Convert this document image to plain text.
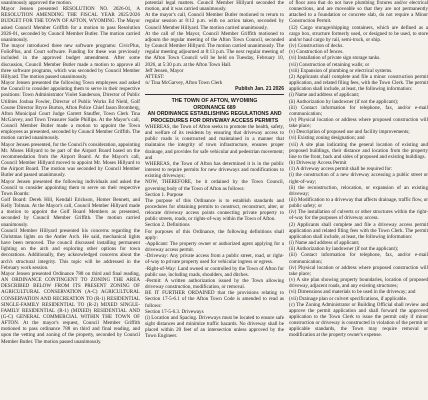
unanimously approved the motion.

Mayor Jensen presented RESOLUTION NO. 2026-01, A RESOLUTION AMENDING THE FISCAL YEAR 2025/2026 BUDGET FOR THE TOWN OF AFTON, WYOMING. The Mayor asked Council Member Griffith for a motion to pass Resolution 2026-01, seconded by Council Member Butler. The motion carried unanimously.

The mayor introduced three new software programs: CivicPlus, FolioPlus, and Court software. Funding for these was previously included in the approved budget amendment. After some discussion, Council Member Butler made a motion to approve all three software programs, which was seconded by Council Member Hillyard. The motion passed unanimously.

Mayor Jensen presented the following Town employees and asked the Council to consider appointing them to serve in their respective positions: Town Administrator Violet Sanderson, Director of Public Utilities Joshua Fowler, Director of Public Works Ed Nield, Golf Course Director Bryce Burton, Afton Police Chief Jason Bromberg, Afton Municipal Court Judge Garrett Stauffer, Town Clerk Tina McGarvey, and Town Treasurer Sadie Phillips. At the Mayor's call, Council Member Butler made a motion to appoint the Town employees as presented, seconded by Council Member Griffith. The motion carried unanimously.

Mayor Jensen presented, for the Council's consideration, appointing Mr. Moses Hillyard to be part of the Airport Board based on the recommendation from the Airport Board. At the Mayor's call, Council Member Hillyard moved to appoint Mr. Moses Hillyard to the Airport Board. The motion was seconded by Council Member Butler and passed unanimously.

Mayor Jensen presented the following individuals and asked the Council to consider appointing them to serve on their respective Town Boards:

Golf Board: Derek Hill, Kendall Erickson, Homer Bennett, and Kelly Tolman. At the Mayor's call, Council Member Hillyard made a motion to appoint the Golf Board Members as presented, seconded by Council Member Griffith. The motion carried unanimously.

Council Member Hillyard presented his concerns regarding the Christmas lights on the Antler Arch. He said, mechanical lights have been removed. The council discussed installing permanent lighting on the arch and exploring other options for town decorations. Additionally, they acknowledged concerns about the arch's structural integrity. This topic will be addressed in the February work session.

Mayor Jensen presented Ordinance 788 on third and final reading, AN ORDINANCE CONTINGENT TO ZONING THE AREA DESCRIBED BELOW FROM ITS PRESENT ZONING OF AGRICULTURAL CONSERVATION (A-C) AGRICULTURAL CONSERVATION AND RECREATION TO (R-1) RESIDENTIAL SINGLE-FAMILY RESIDENTIAL TO (R-2) MIXED SINGLE-FAMILY RESIDENTIAL (R-1) (MIXED) RESIDENTIAL AND (G-C) GENERAL COMMERCIAL WITHIN THE TOWN OF AFTON. At the mayor's request, Council Member Griffith motioned to pass ordinance 788 on third and final reading, and upon the vetting and zoning of the property, seconded by Council Member Butler. The motion passed unanimously.

potential legal matters. Council Member Hillyard seconded the motion, and it was carried unanimously.

At the mayor's call, Council Member Butler motioned to return to regular session at 8:12 p.m. with no action taken, seconded by Council Member Hillyard. The motion carried unanimously.

At the call of the Mayor, Council Member Griffith motioned to adjourn the regular meeting of the Afton Town Council, seconded by Council Member Hillyard. The motion carried unanimously. The regular meeting adjourned at 8:13 p.m. The next regular meeting of the Afton Town Council will be held on Tuesday, February 10, 2026, at 5:30 p.m. at the Afton Town Hall.

Jeff Jensen, Mayor

ATTEST:

/s/ Tina McGarvey, Afton Town Clerk

Publish Jan. 21 2026

THE TOWN OF AFTON, WYOMING

ORDINANCE 689

AN ORDINANCE ESTABLISHING REGULATIONS AND PROCEDURES FOR DRIVEWAY ACCESS PERMITS

WHEREAS, the Town of Afton seeks to promote the health, safety, and welfare of its residents by ensuring that driveway access to public roads is constructed and maintained in a manner that maintains the integrity of town infrastructure, ensures proper drainage, and provides for safe vehicular and pedestrian movement; and

WHEREAS, the Town of Afton has determined it is in the public interest to require permits for new driveways and modifications to existing driveways;

NOW, THEREFORE, be it ordained by the Town Council, governing body of the Town of Afton as follows:

Section 1. Purpose

The purpose of this Ordinance is to establish standards and procedures for obtaining permits to construct, reconstruct, alter, or relocate driveway access points connecting private property to public streets, roads, or rights-of-way within the Town of Afton.

Section 2. Definitions

For purposes of this Ordinance, the following definitions shall apply:

-Applicant: The property owner or authorized agent applying for a driveway access permit.

-Driveway: Any private access from a public street, road, or right-of-way to private property used for vehicular ingress or egress.

-Right-of-Way: Land owned or controlled by the Town of Afton for public use, including roads, shoulders, and ditches.

-Permit: A written authorization issued by the Town allowing driveway construction, modification, or removal.

BE IT FURTHER ORDAINED that the provisions relating to Section 17-5-6.1 of the Afton Town Code is amended to read as follows:

Section 17-5-6.3. Driveways

(i) Location and Spacing. Driveways must be located to ensure safe sight distances and minimize traffic hazards. No driveway shall be placed within 20 feet of an intersection unless approved by the Town Engineer.

of floor area that do not have plumbing fixtures and/or electrical connections, and are moveable so that they are not permanently attached to a foundation or concrete slab, do not require a Minor Construction Permit.

(12) Cargo storage/shipping containers, which are defined as a cargo box, structure formerly used, or designed to be used, to store and/or haul cargo by rail, semi-truck, or ship.

(iv) Construction of decks.

(v) Construction of fences.

(vi) Installation of private sign storage tanks.

(vii) Construction of retaining walls; or

(viii) Expansion of plumbing or electrical systems.

(2) Applicants shall complete and file a minor construction permit application, and related filing fees, with the Town Clerk. The permit application shall include, at least, the following information:

(i) Name and address of applicant;

(ii) Authorization by landowner (if not the applicant);

(iii) Contact information for telephone, fax, and/or e-mail communication;

(iv) Physical location or address where proposed construction will take place;

(v) Description of proposed use and facility improvements;

(vi) Existing zoning designation; and

(vii) A site plan indicating the general location of existing and proposed buildings, their distance and location from the property line to the front, back and sides of proposed and existing buildings.

(b) Driveway Access Permit

(1) A driveway access permit shall be required for:

(i) the construction of a new driveway accessing a public street or right-of-way;

(ii) the reconstruction, relocation, or expansion of an existing driveway;

(iii) Modification to a driveway that affects drainage, traffic flow, or public safety; or

(iv) The installation of culverts or other structures within the right-of-way for the purposes of driveway access.

(2) Applicants shall complete and file a driveway access permit application and related filing fees with the Town Clerk. The permit application shall include, at least, the following information:

(i) Name and address of applicant;

(ii) Authorization by landowner (if not the applicant);

(iii) Contact information for telephone, fax, and/or e-mail communication;

(iv) Physical location or address where proposed construction will take place;

(v) A site plan showing property boundaries, location of proposed driveway, adjacent roads, and any existing structures;

(vi) Dimensions and materials to be used in the driveway; and

(vii) Drainage plan or culvert specifications, if applicable.

(c) The Zoning Administrator or Building Official shall review and approve the permit application and shall forward the approved application to the Town Clerk to issue the permit only if minor construction or driveway is constructed in violation of the permit or applicable standards, the Town may require removal or modification at the property owner's expense.
